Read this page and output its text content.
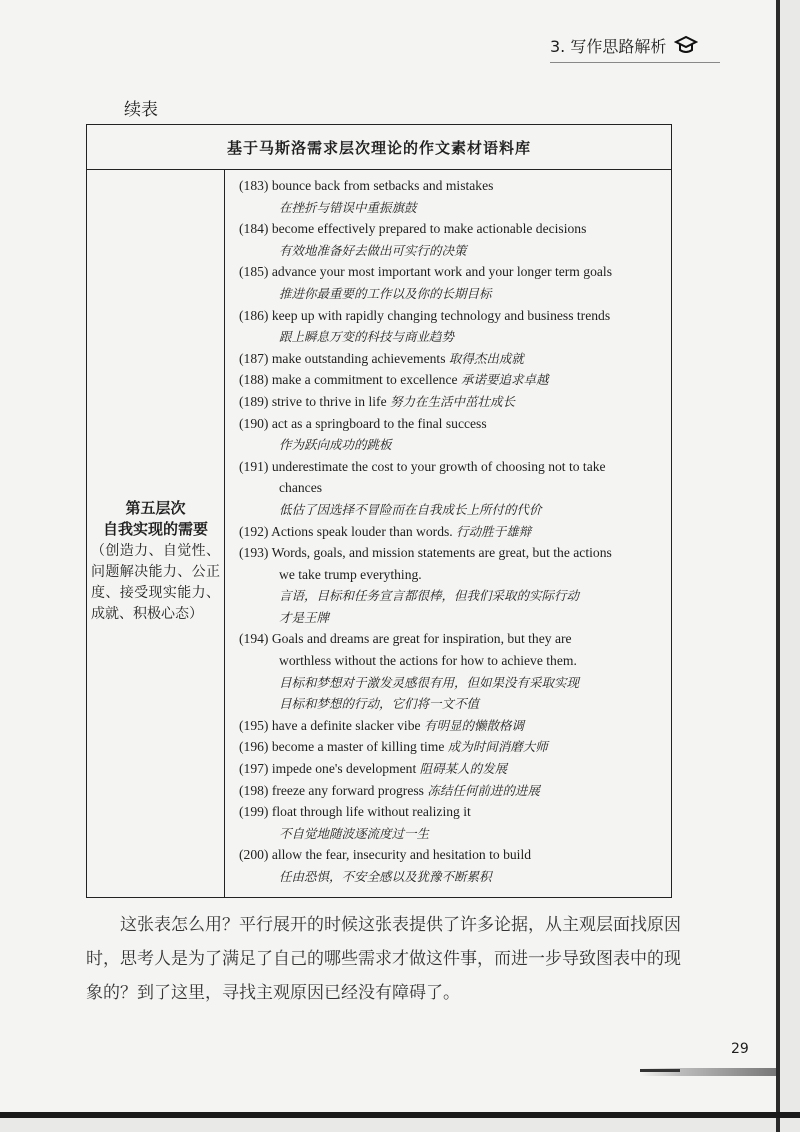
3. 写作思路解析
续表
基于马斯洛需求层次理论的作文素材语料库
第五层次
自我实现的需要
（创造力、自觉性、问题解决能力、公正度、接受现实能力、成就、积极心态）
(183) bounce back from setbacks and mistakes
在挫折与错误中重振旗鼓
(184) become effectively prepared to make actionable decisions
有效地准备好去做出可实行的决策
(185) advance your most important work and your longer term goals
推进你最重要的工作以及你的长期目标
(186) keep up with rapidly changing technology and business trends
跟上瞬息万变的科技与商业趋势
(187) make outstanding achievements 取得杰出成就
(188) make a commitment to excellence 承诺要追求卓越
(189) strive to thrive in life 努力在生活中茁壮成长
(190) act as a springboard to the final success
作为跃向成功的跳板
(191) underestimate the cost to your growth of choosing not to take
chances
低估了因选择不冒险而在自我成长上所付的代价
(192) Actions speak louder than words. 行动胜于雄辩
(193) Words, goals, and mission statements are great, but the actions
we take trump everything.
言语，目标和任务宣言都很棒，但我们采取的实际行动
才是王牌
(194) Goals and dreams are great for inspiration, but they are
worthless without the actions for how to achieve them.
目标和梦想对于激发灵感很有用，但如果没有采取实现
目标和梦想的行动，它们将一文不值
(195) have a definite slacker vibe 有明显的懒散格调
(196) become a master of killing time 成为时间消磨大师
(197) impede one's development 阻碍某人的发展
(198) freeze any forward progress 冻结任何前进的进展
(199) float through life without realizing it
不自觉地随波逐流度过一生
(200) allow the fear, insecurity and hesitation to build
任由恐惧，不安全感以及犹豫不断累积
这张表怎么用？平行展开的时候这张表提供了许多论据，从主观层面找原因时，思考人是为了满足了自己的哪些需求才做这件事，而进一步导致图表中的现象的？到了这里，寻找主观原因已经没有障碍了。
29
